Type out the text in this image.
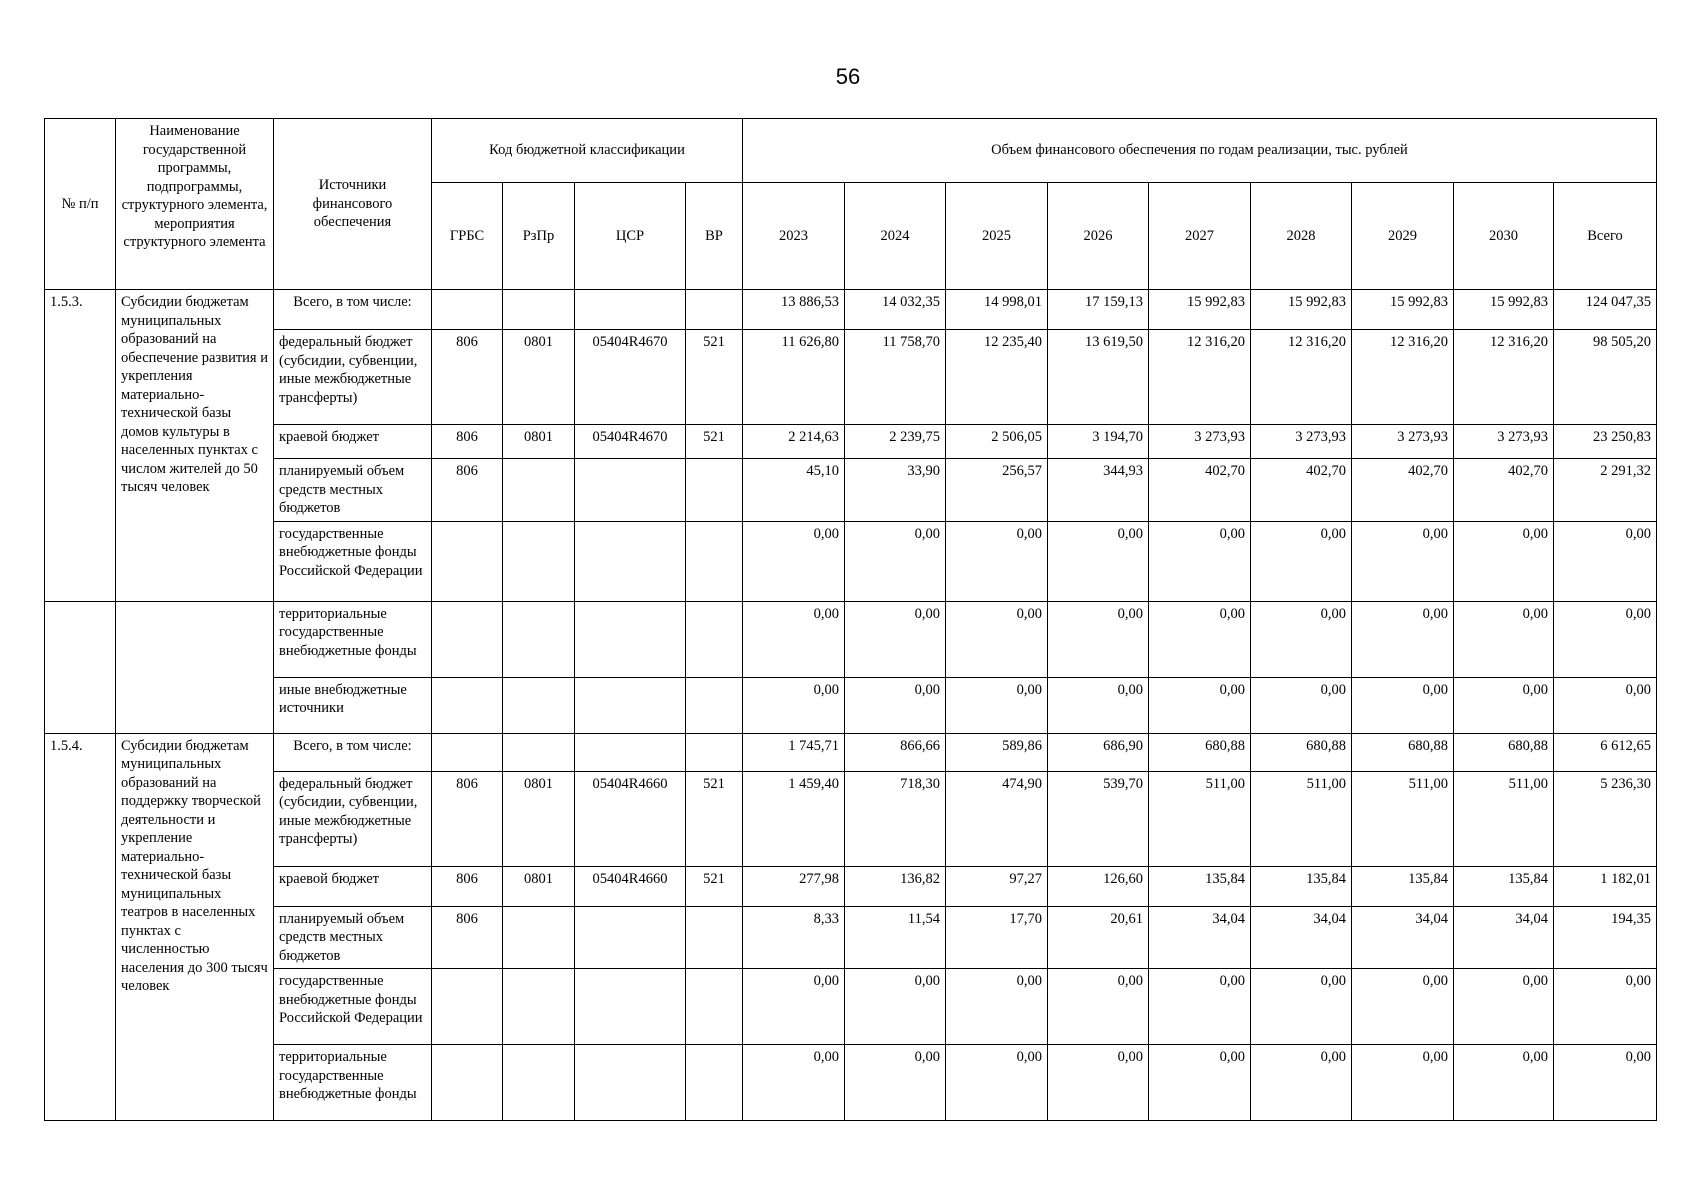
56
№ п/п	Наименование государственной программы, подпрограммы, структурного элемента, мероприятия структурного элемента	Источники финансового обеспечения	Код бюджетной классификации				Объем финансового обеспечения по годам реализации, тыс. рублей								
			ГРБС	РзПр	ЦСР	ВР	2023	2024	2025	2026	2027	2028	2029	2030	Всего
1.5.3.	Субсидии бюджетам муниципальных образований на обеспечение развития и укрепления материально-технической базы домов культуры в населенных пунктах с числом жителей до 50 тысяч человек	Всего, в том числе:					13 886,53	14 032,35	14 998,01	17 159,13	15 992,83	15 992,83	15 992,83	15 992,83	124 047,35
		федеральный бюджет (субсидии, субвенции, иные межбюджетные трансферты)	806	0801	05404R4670	521	11 626,80	11 758,70	12 235,40	13 619,50	12 316,20	12 316,20	12 316,20	12 316,20	98 505,20
		краевой бюджет	806	0801	05404R4670	521	2 214,63	2 239,75	2 506,05	3 194,70	3 273,93	3 273,93	3 273,93	3 273,93	23 250,83
		планируемый объем средств местных бюджетов	806				45,10	33,90	256,57	344,93	402,70	402,70	402,70	402,70	2 291,32
		государственные внебюджетные фонды Российской Федерации					0,00	0,00	0,00	0,00	0,00	0,00	0,00	0,00	0,00
		территориальные государственные внебюджетные фонды					0,00	0,00	0,00	0,00	0,00	0,00	0,00	0,00	0,00
		иные внебюджетные источники					0,00	0,00	0,00	0,00	0,00	0,00	0,00	0,00	0,00
1.5.4.	Субсидии бюджетам муниципальных образований на поддержку творческой деятельности и укрепление материально-технической базы муниципальных театров в населенных пунктах с численностью населения до 300 тысяч человек	Всего, в том числе:					1 745,71	866,66	589,86	686,90	680,88	680,88	680,88	680,88	6 612,65
		федеральный бюджет (субсидии, субвенции, иные межбюджетные трансферты)	806	0801	05404R4660	521	1 459,40	718,30	474,90	539,70	511,00	511,00	511,00	511,00	5 236,30
		краевой бюджет	806	0801	05404R4660	521	277,98	136,82	97,27	126,60	135,84	135,84	135,84	135,84	1 182,01
		планируемый объем средств местных бюджетов	806				8,33	11,54	17,70	20,61	34,04	34,04	34,04	34,04	194,35
		государственные внебюджетные фонды Российской Федерации					0,00	0,00	0,00	0,00	0,00	0,00	0,00	0,00	0,00
		территориальные государственные внебюджетные фонды					0,00	0,00	0,00	0,00	0,00	0,00	0,00	0,00	0,00
